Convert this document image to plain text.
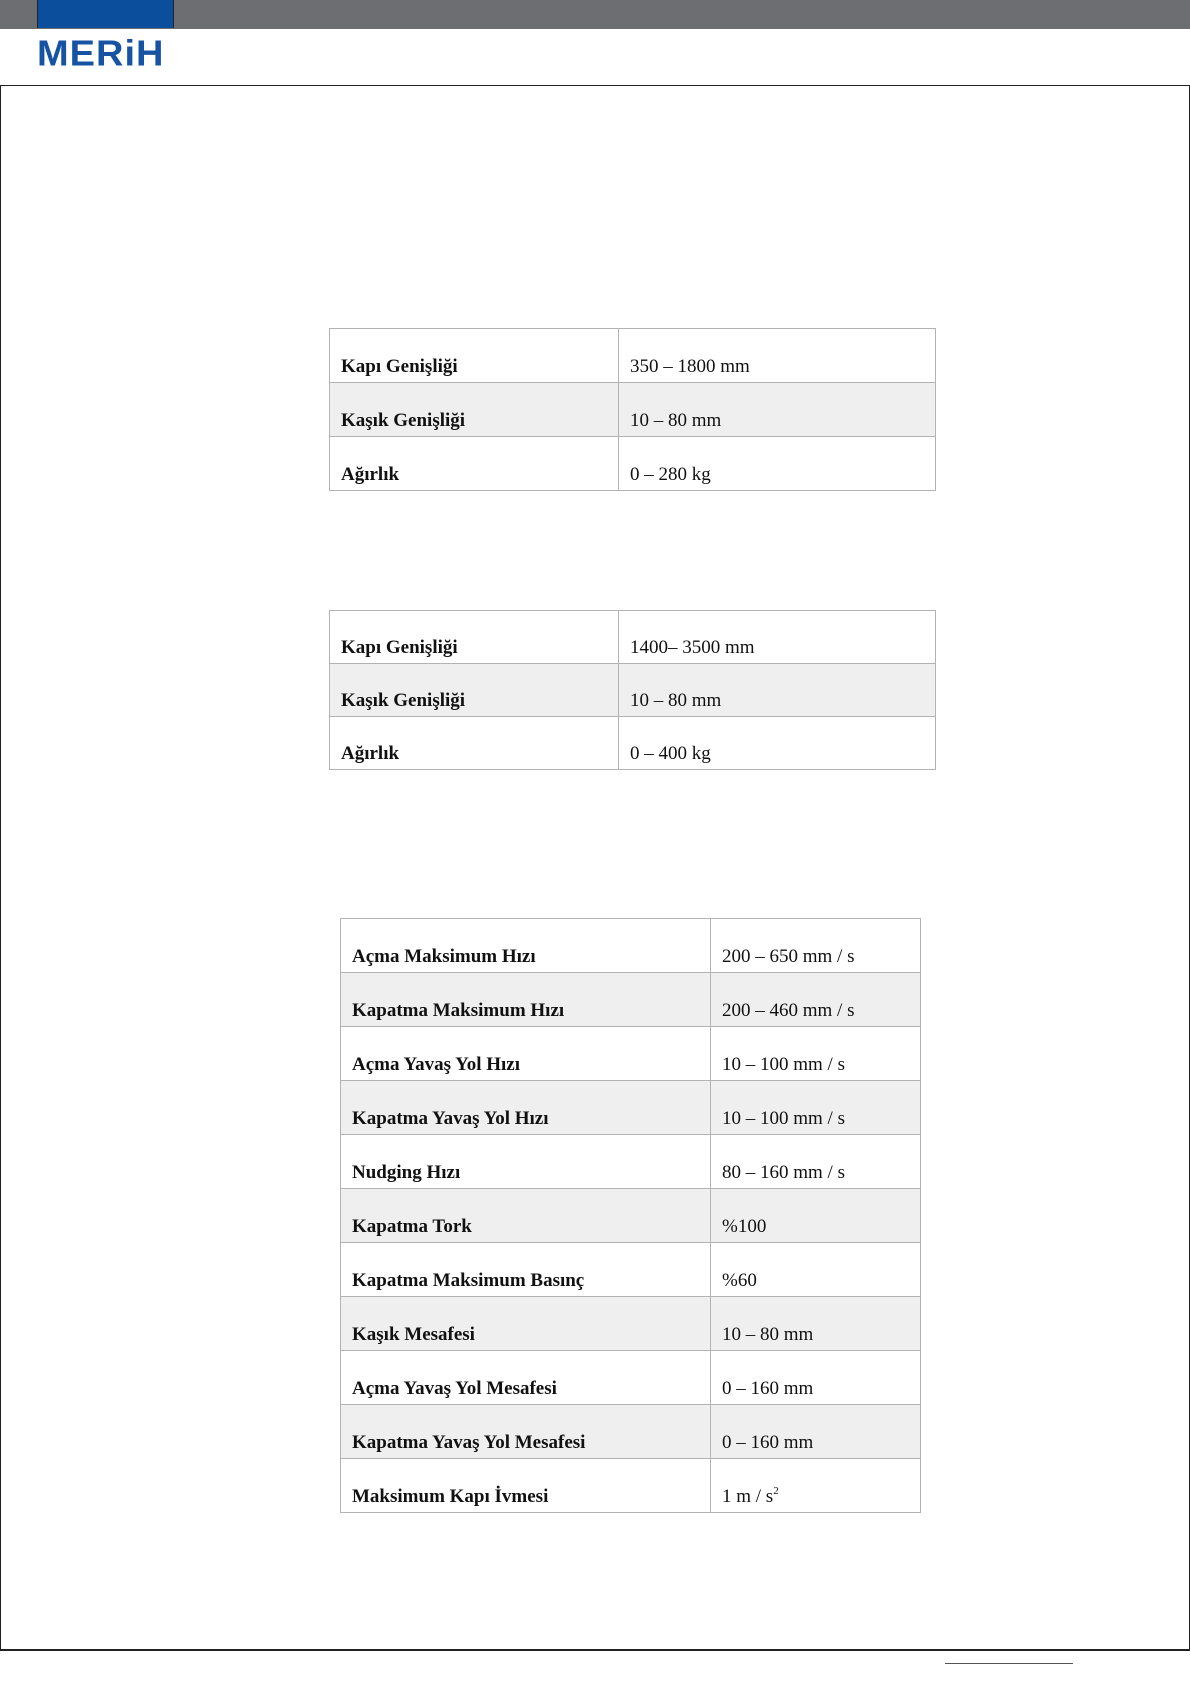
MERiH
Kapı Genişliği	350 – 1800 mm
Kaşık Genişliği	10 – 80 mm
Ağırlık	0 – 280 kg
Kapı Genişliği	1400– 3500 mm
Kaşık Genişliği	10 – 80 mm
Ağırlık	0 – 400 kg
Açma Maksimum Hızı	200 – 650 mm / s
Kapatma Maksimum Hızı	200 – 460 mm / s
Açma Yavaş Yol Hızı	10 – 100 mm / s
Kapatma Yavaş Yol Hızı	10 – 100 mm / s
Nudging Hızı	80 – 160 mm / s
Kapatma Tork	%100
Kapatma Maksimum Basınç	%60
Kaşık Mesafesi	10 – 80 mm
Açma Yavaş Yol Mesafesi	0 – 160 mm
Kapatma Yavaş Yol Mesafesi	0 – 160 mm
Maksimum Kapı İvmesi	1 m / $s^2$
